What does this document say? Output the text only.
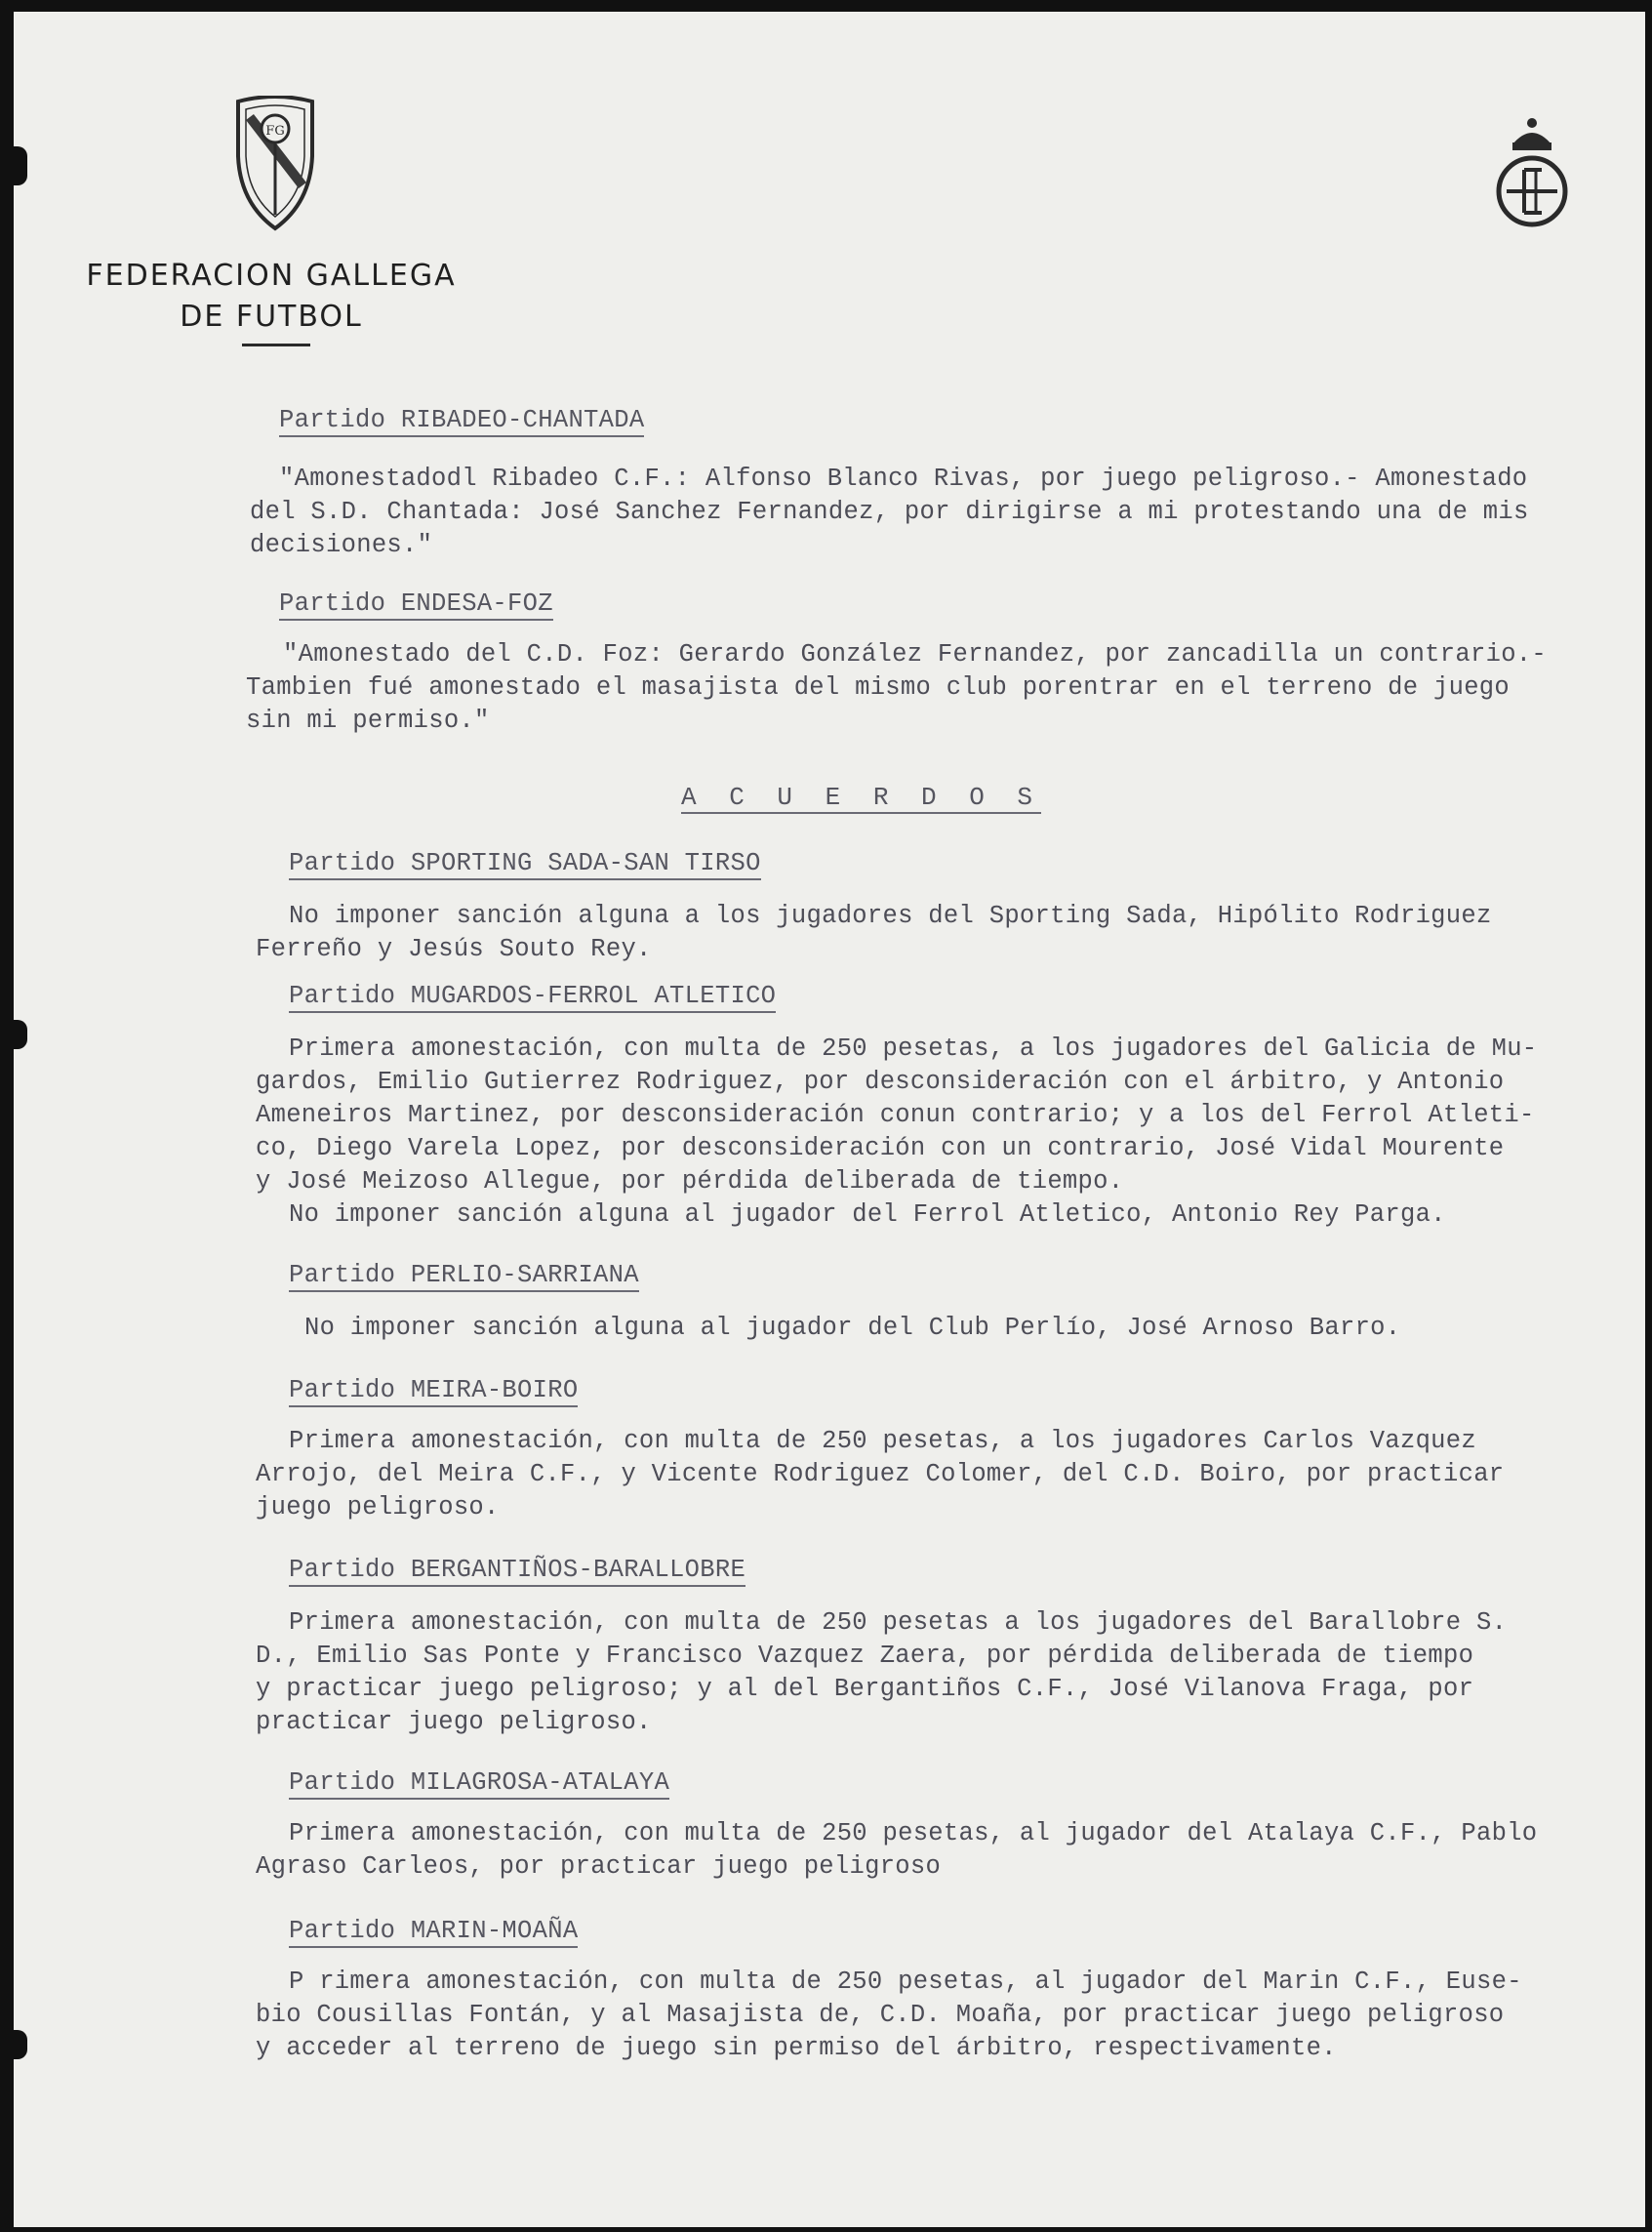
FG
FEDERACION GALLEGA
DE FUTBOL
Partido RIBADEO-CHANTADA
"Amonestadodl Ribadeo C.F.: Alfonso Blanco Rivas, por juego peligroso.- Amonestado
del S.D. Chantada: José Sanchez Fernandez, por dirigirse a mi protestando una de mis
decisiones."
Partido ENDESA-FOZ
"Amonestado del C.D. Foz: Gerardo González Fernandez, por zancadilla un contrario.-
Tambien fué amonestado el masajista del mismo club porentrar en el terreno de juego
sin mi permiso."
A C U E R D O S
Partido SPORTING SADA-SAN TIRSO
No imponer sanción alguna a los jugadores del Sporting Sada, Hipólito Rodriguez
Ferreño y Jesús Souto Rey.
Partido MUGARDOS-FERROL ATLETICO
Primera amonestación, con multa de 250 pesetas, a los jugadores del Galicia de Mu-
gardos, Emilio Gutierrez Rodriguez, por desconsideración con el árbitro, y Antonio
Ameneiros Martinez, por desconsideración conun contrario; y a los del Ferrol Atleti-
co, Diego Varela Lopez, por desconsideración con un contrario, José Vidal Mourente
y José Meizoso Allegue, por pérdida deliberada de tiempo.
No imponer sanción alguna al jugador del Ferrol Atletico, Antonio Rey Parga.
Partido PERLIO-SARRIANA
No imponer sanción alguna al jugador del Club Perlío, José Arnoso Barro.
Partido MEIRA-BOIRO
Primera amonestación, con multa de 250 pesetas, a los jugadores Carlos Vazquez
Arrojo, del Meira C.F., y Vicente Rodriguez Colomer, del C.D. Boiro, por practicar
juego peligroso.
Partido BERGANTIÑOS-BARALLOBRE
Primera amonestación, con multa de 250 pesetas a los jugadores del Barallobre S.
D., Emilio Sas Ponte y Francisco Vazquez Zaera, por pérdida deliberada de tiempo
y practicar juego peligroso; y al del Bergantiños C.F., José Vilanova Fraga, por
practicar juego peligroso.
Partido MILAGROSA-ATALAYA
Primera amonestación, con multa de 250 pesetas, al jugador del Atalaya C.F., Pablo
Agraso Carleos, por practicar juego peligroso
Partido MARIN-MOAÑA
P rimera amonestación, con multa de 250 pesetas, al jugador del Marin C.F., Euse-
bio Cousillas Fontán, y al Masajista de, C.D. Moaña, por practicar juego peligroso
y acceder al terreno de juego sin permiso del árbitro, respectivamente.
